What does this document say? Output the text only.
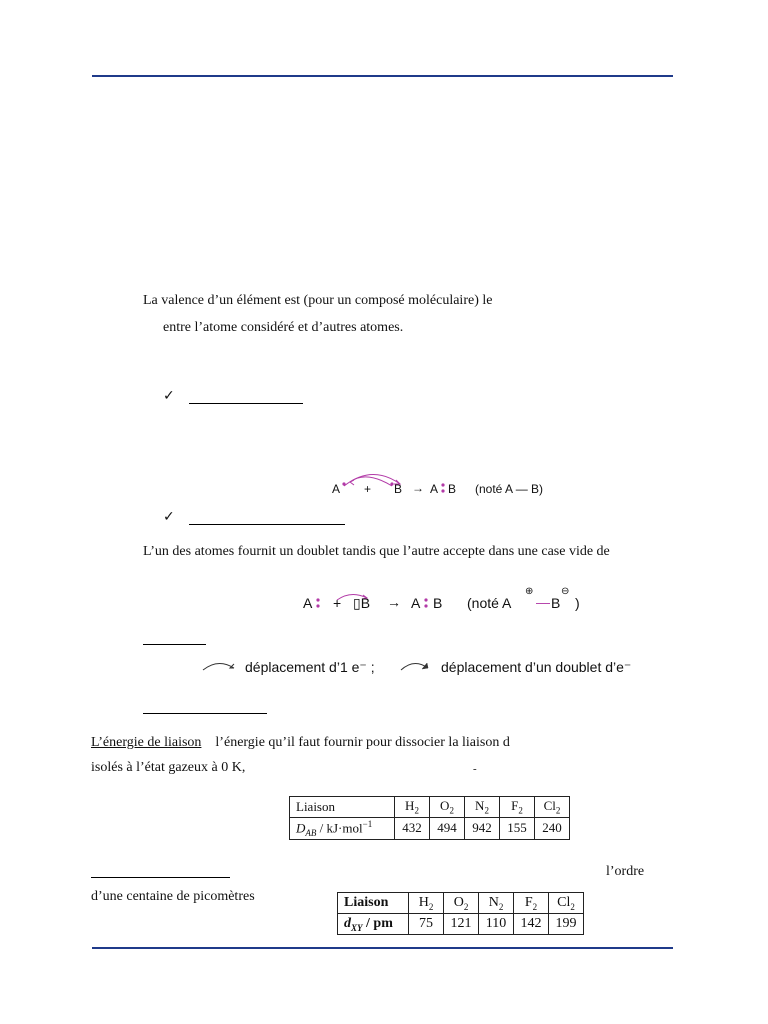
La valence d’un élément est (pour un composé moléculaire) le
entre l’atome considéré et d’autres atomes.
✓
A + B → A B (noté A — B)
✓
L’un des atomes fournit un doublet tandis que l’autre accepte dans une case vide de
A + ▯B → A B (noté A
⊕
— B
⊖
)
déplacement d’1 e⁻ ;	déplacement d’un doublet d’e⁻
L’énergie de liaison l’énergie qu’il faut fournir pour dissocier la liaison d
isolés à l’état gazeux à 0 K,	-
Liaison	$H_2$	$O_2$	$N_2$	$F_2$	$Cl_2$
$D_{AB} / kJ\cdot mol^{-1}$	432	494	942	155	240
l’ordre
d’une centaine de picomètres	Liaison	$H_2$	$O_2$	$N_2$	$F_2$	$Cl_2$
$d_{XY}$ / pm	75	121	110	142	199
